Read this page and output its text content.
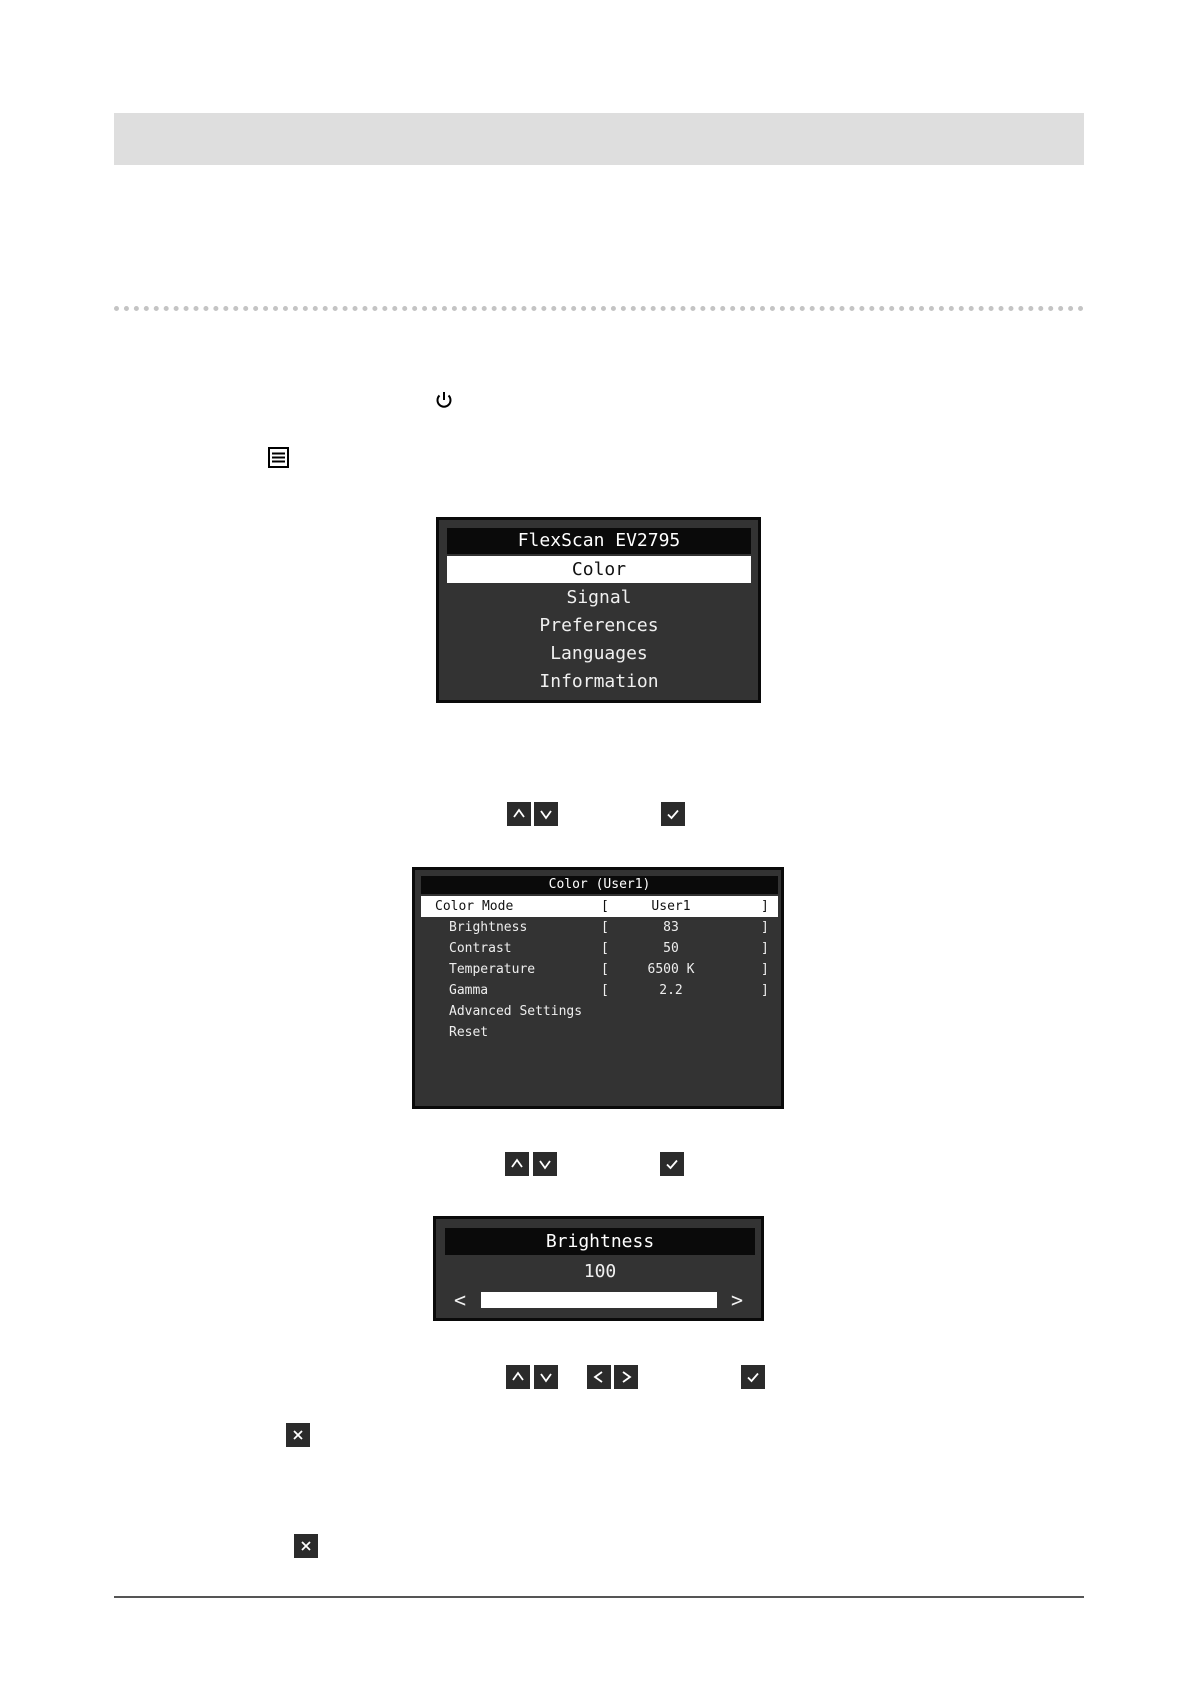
FlexScan EV2795
Color
Signal
Preferences
Languages
Information
Color (User1)
Color Mode	[	User1	]
Brightness	[	83	]
Contrast	[	50	]
Temperature	[	6500 K	]
Gamma	[	2.2	]
Advanced Settings
Reset
Brightness
100
<	>
